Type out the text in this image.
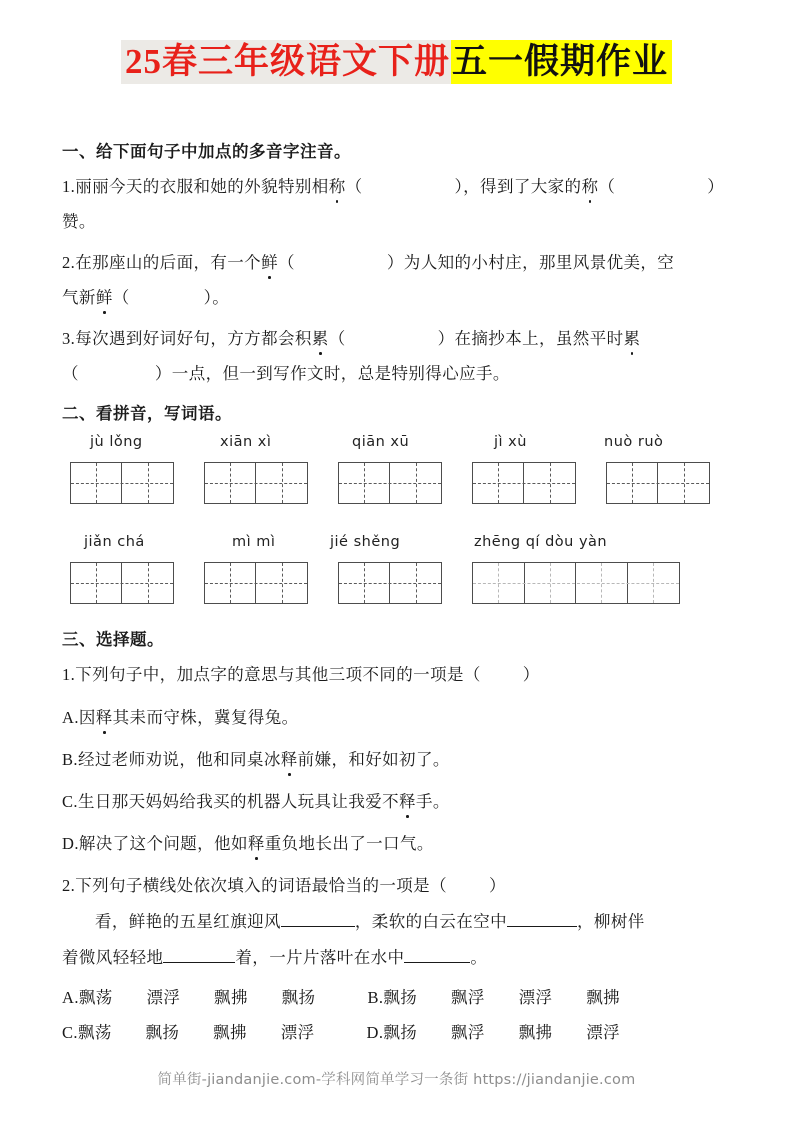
25春三年级语文下册五一假期作业
一、给下面句子中加点的多音字注音。
1.丽丽今天的衣服和她的外貌特别相称（	），得到了大家的称（	）
赞。
2.在那座山的后面，有一个鲜（	）为人知的小村庄，那里风景优美，空
气新鲜（	）。
3.每次遇到好词好句，方方都会积累（	）在摘抄本上，虽然平时累
（	）一点，但一到写作文时，总是特别得心应手。
二、看拼音，写词语。
jù lǒng	xiān xì	qiān xū	jì xù	nuò ruò
jiǎn chá	mì mì	jié shěng	zhēng qí dòu yàn
三、选择题。
1.下列句子中，加点字的意思与其他三项不同的一项是（	）
A.因释其耒而守株，冀复得兔。
B.经过老师劝说，他和同桌冰释前嫌，和好如初了。
C.生日那天妈妈给我买的机器人玩具让我爱不释手。
D.解决了这个问题，他如释重负地长出了一口气。
2.下列句子横线处依次填入的词语最恰当的一项是（	）
看，鲜艳的五星红旗迎风	，柔软的白云在空中	，柳树伴
着微风轻轻地	着，一片片落叶在水中	。
A.飘荡　　漂浮　　飘拂　　飘扬	B.飘扬　　飘浮　　漂浮　　飘拂
C.飘荡　　飘扬　　飘拂　　漂浮	D.飘扬　　飘浮　　飘拂　　漂浮
简单街-jiandanjie.com-学科网简单学习一条街 https://jiandanjie.com
